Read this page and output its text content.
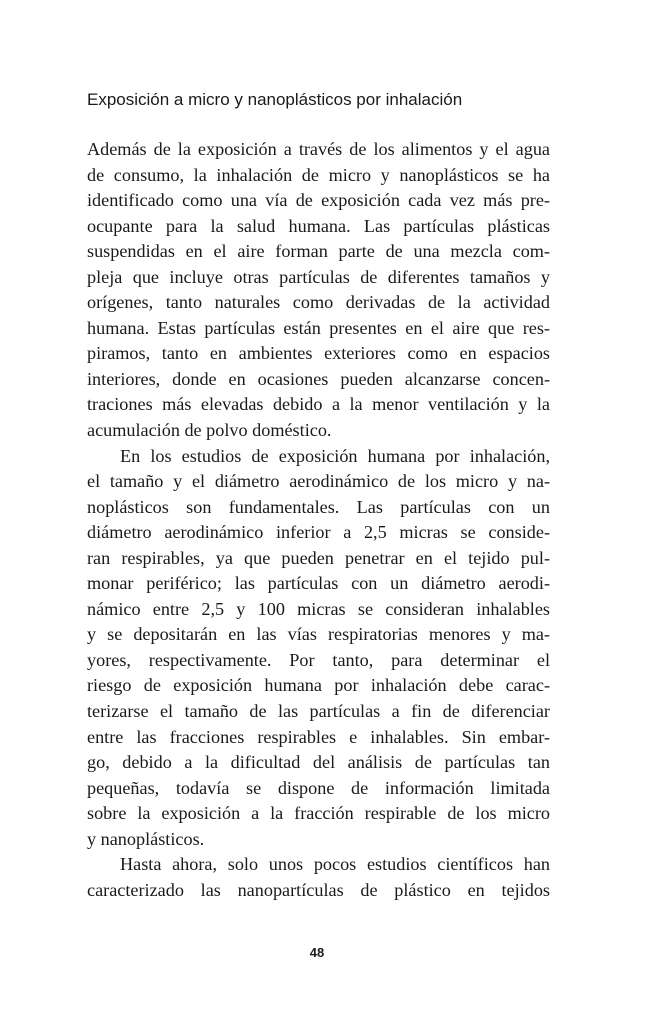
Exposición a micro y nanoplásticos por inhalación

Además de la exposición a través de los alimentos y el agua
de consumo, la inhalación de micro y nanoplásticos se ha
identificado como una vía de exposición cada vez más pre-
ocupante para la salud humana. Las partículas plásticas
suspendidas en el aire forman parte de una mezcla com-
pleja que incluye otras partículas de diferentes tamaños y
orígenes, tanto naturales como derivadas de la actividad
humana. Estas partículas están presentes en el aire que res-
piramos, tanto en ambientes exteriores como en espacios
interiores, donde en ocasiones pueden alcanzarse concen-
traciones más elevadas debido a la menor ventilación y la
acumulación de polvo doméstico.

En los estudios de exposición humana por inhalación,
el tamaño y el diámetro aerodinámico de los micro y na-
noplásticos son fundamentales. Las partículas con un
diámetro aerodinámico inferior a 2,5 micras se conside-
ran respirables, ya que pueden penetrar en el tejido pul-
monar periférico; las partículas con un diámetro aerodi-
námico entre 2,5 y 100 micras se consideran inhalables
y se depositarán en las vías respiratorias menores y ma-
yores, respectivamente. Por tanto, para determinar el
riesgo de exposición humana por inhalación debe carac-
terizarse el tamaño de las partículas a fin de diferenciar
entre las fracciones respirables e inhalables. Sin embar-
go, debido a la dificultad del análisis de partículas tan
pequeñas, todavía se dispone de información limitada
sobre la exposición a la fracción respirable de los micro
y nanoplásticos.

Hasta ahora, solo unos pocos estudios científicos han
caracterizado las nanopartículas de plástico en tejidos

48
